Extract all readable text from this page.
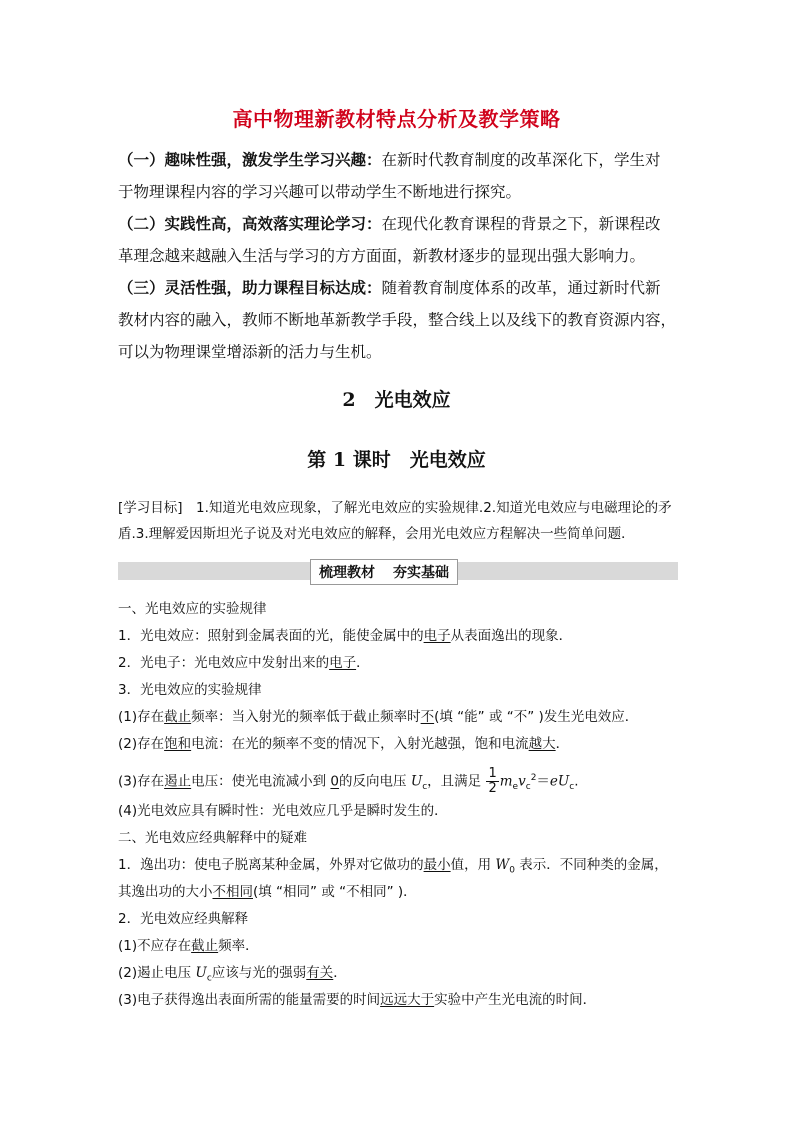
高中物理新教材特点分析及教学策略

（一）趣味性强，激发学生学习兴趣：在新时代教育制度的改革深化下，学生对

于物理课程内容的学习兴趣可以带动学生不断地进行探究。

（二）实践性高，高效落实理论学习：在现代化教育课程的背景之下，新课程改

革理念越来越融入生活与学习的方方面面，新教材逐步的显现出强大影响力。

（三）灵活性强，助力课程目标达成：随着教育制度体系的改革，通过新时代新

教材内容的融入，教师不断地革新教学手段，整合线上以及线下的教育资源内容，

可以为物理课堂增添新的活力与生机。

2　光电效应
第 1 课时　光电效应
[学习目标]　1.知道光电效应现象，了解光电效应的实验规律.2.知道光电效应与电磁理论的矛
盾.3.理解爱因斯坦光子说及对光电效应的解释，会用光电效应方程解决一些简单问题．
梳理教材 夯实基础
一、光电效应的实验规律
1．光电效应：照射到金属表面的光，能使金属中的电子从表面逸出的现象．
2．光电子：光电效应中发射出来的电子．
3．光电效应的实验规律
(1)存在截止频率：当入射光的频率低于截止频率时不(填 “能” 或 “不” )发生光电效应．
(2)存在饱和电流：在光的频率不变的情况下，入射光越强，饱和电流越大．
(3)存在遏止电压：使光电流减小到 0的反向电压 $U_c$，且满足 $\frac{1}{2} m_ev_c^2=eU_c$.
(4)光电效应具有瞬时性：光电效应几乎是瞬时发生的．
二、光电效应经典解释中的疑难
1．逸出功：使电子脱离某种金属，外界对它做功的最小值，用 $W_0$ 表示．不同种类的金属，
其逸出功的大小不相同(填 “相同” 或 “不相同” )．
2．光电效应经典解释
(1)不应存在截止频率．
(2)遏止电压 $U_c$应该与光的强弱有关．
(3)电子获得逸出表面所需的能量需要的时间远远大于实验中产生光电流的时间．
